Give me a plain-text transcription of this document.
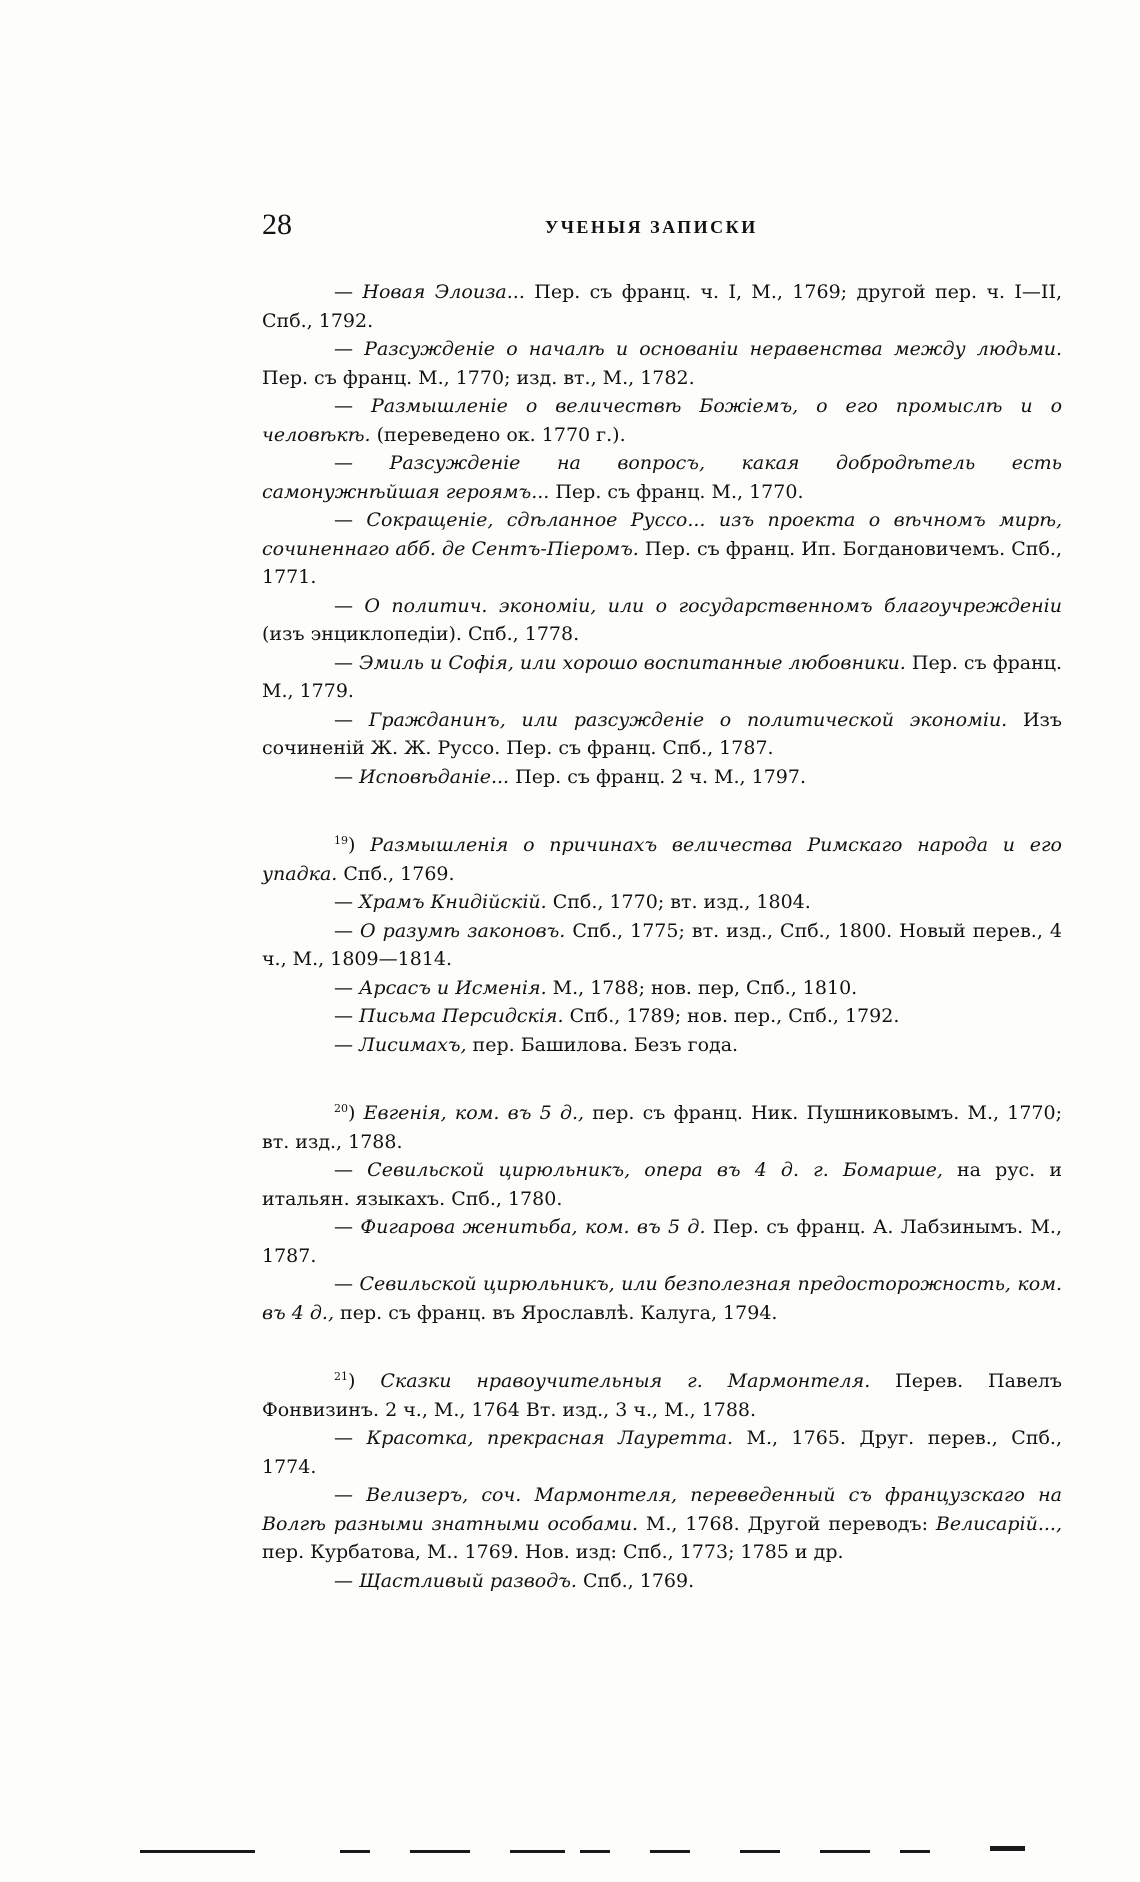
28	УЧЕНЫЯ ЗАПИСКИ

— Новая Элоиза... Пер. съ франц. ч. I, М., 1769; другой пер. ч. I—II, Спб., 1792.

— Разсужденіе о началѣ и основаніи неравенства между людьми. Пер. съ франц. М., 1770; изд. вт., М., 1782.

— Размышленіе о величествѣ Божіемъ, о его промыслѣ и о человѣкѣ. (переведено ок. 1770 г.).

— Разсужденіе на вопросъ, какая добродѣтель есть самонужнѣйшая героямъ... Пер. съ франц. М., 1770.

— Сокращеніе, сдѣланное Руссо... изъ проекта о вѣчномъ мирѣ, сочиненнаго абб. де Сентъ-Піеромъ. Пер. съ франц. Ип. Богдановичемъ. Спб., 1771.

— О политич. экономіи, или о государственномъ благоучрежденіи (изъ энциклопедіи). Спб., 1778.

— Эмиль и Софія, или хорошо воспитанные любовники. Пер. съ франц. М., 1779.

— Гражданинъ, или разсужденіе о политической экономіи. Изъ сочиненій Ж. Ж. Руссо. Пер. съ франц. Спб., 1787.

— Исповѣданіе... Пер. съ франц. 2 ч. М., 1797.

$^{19}$) Размышленія о причинахъ величества Римскаго народа и его упадка. Спб., 1769.

— Храмъ Книдійскій. Спб., 1770; вт. изд., 1804.

— О разумѣ законовъ. Спб., 1775; вт. изд., Спб., 1800. Новый перев., 4 ч., М., 1809—1814.

— Арсасъ и Исменія. М., 1788; нов. пер, Спб., 1810.

— Письма Персидскія. Спб., 1789; нов. пер., Спб., 1792.

— Лисимахъ, пер. Башилова. Безъ года.

$^{20}$) Евгенія, ком. въ 5 д., пер. съ франц. Ник. Пушниковымъ. М., 1770; вт. изд., 1788.

— Севильской цирюльникъ, опера въ 4 д. г. Бомарше, на рус. и итальян. языкахъ. Спб., 1780.

— Фигарова женитьба, ком. въ 5 д. Пер. съ франц. А. Лабзинымъ. М., 1787.

— Севильской цирюльникъ, или безполезная предосторожность, ком. въ 4 д., пер. съ франц. въ Ярославлѣ. Калуга, 1794.

$^{21}$) Сказки нравоучительныя г. Мармонтеля. Перев. Павелъ Фонвизинъ. 2 ч., М., 1764 Вт. изд., 3 ч., М., 1788.

— Красотка, прекрасная Лауретта. М., 1765. Друг. перев., Спб., 1774.

— Велизеръ, соч. Мармонтеля, переведенный съ французскаго на Волгѣ разными знатными особами. М., 1768. Другой переводъ: Велисарій..., пер. Курбатова, М.. 1769. Нов. изд: Спб., 1773; 1785 и др.

— Щастливый разводъ. Спб., 1769.
